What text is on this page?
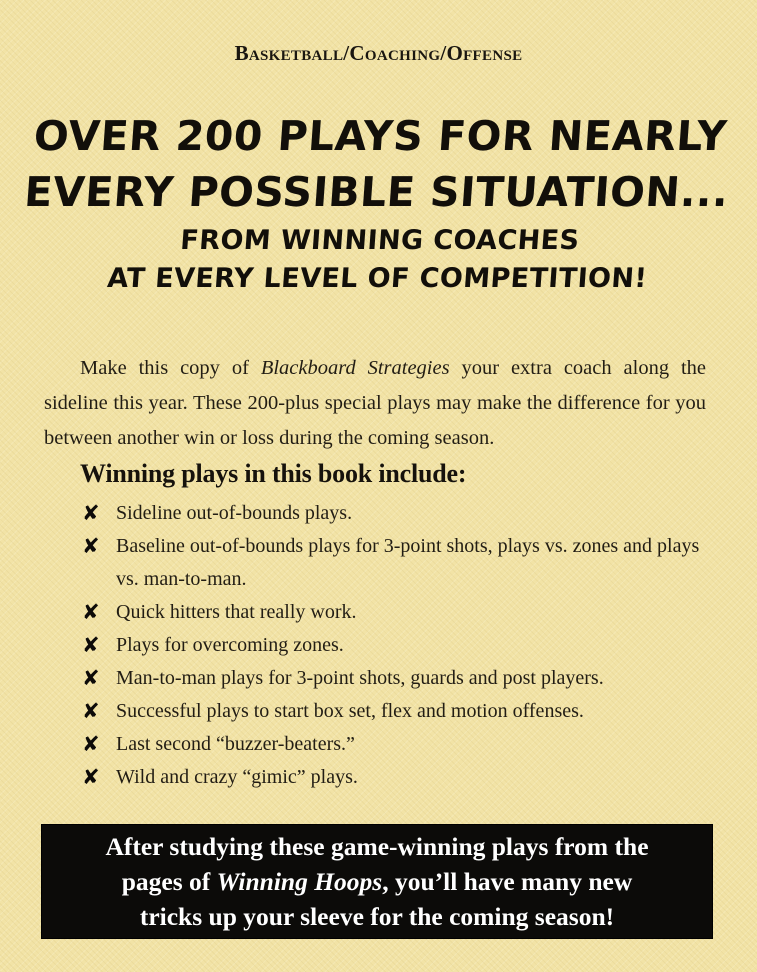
Basketball/Coaching/Offense
OVER 200 PLAYS FOR NEARLY
EVERY POSSIBLE SITUATION...
FROM WINNING COACHES
AT EVERY LEVEL OF COMPETITION!

Make this copy of Blackboard Strategies your extra coach along the sideline this year. These 200-plus special plays may make the difference for you between another win or loss during the coming season.

Winning plays in this book include:
✘ Sideline out-of-bounds plays.
✘ Baseline out-of-bounds plays for 3-point shots, plays vs. zones and plays vs. man-to-man.
✘ Quick hitters that really work.
✘ Plays for overcoming zones.
✘ Man-to-man plays for 3-point shots, guards and post players.
✘ Successful plays to start box set, flex and motion offenses.
✘ Last second “buzzer-beaters.”
✘ Wild and crazy “gimic” plays.
After studying these game-winning plays from the
pages of Winning Hoops, you’ll have many new
tricks up your sleeve for the coming season!
